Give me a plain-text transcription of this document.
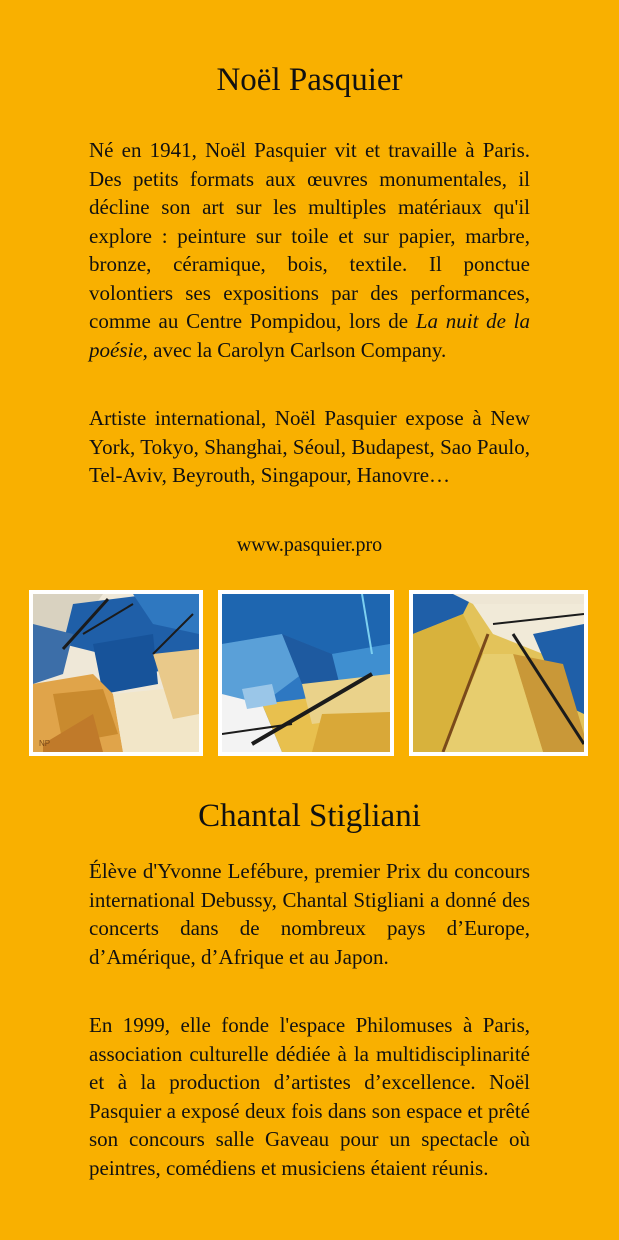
Noël Pasquier

Né en 1941, Noël Pasquier vit et travaille à Paris. Des petits formats aux œuvres monumentales, il décline son art sur les multiples matériaux qu'il explore : peinture sur toile et sur papier, marbre, bronze, céramique, bois, textile. Il ponctue volontiers ses expositions par des performances, comme au Centre Pompidou, lors de La nuit de la poésie, avec la Carolyn Carlson Company.

Artiste international, Noël Pasquier expose à New York, Tokyo, Shanghai, Séoul, Budapest, Sao Paulo, Tel-Aviv, Beyrouth, Singapour, Hanovre…

www.pasquier.pro

NP
Chantal Stigliani

Élève d'Yvonne Lefébure, premier Prix du concours international Debussy, Chantal Stigliani a donné des concerts dans de nombreux pays d’Europe, d’Amérique, d’Afrique et au Japon.

En 1999, elle fonde l'espace Philomuses à Paris, association culturelle dédiée à la multidisciplinarité et à la production d’artistes d’excellence. Noël Pasquier a exposé deux fois dans son espace et prêté son concours salle Gaveau pour un spectacle où peintres, comédiens et musiciens étaient réunis.
